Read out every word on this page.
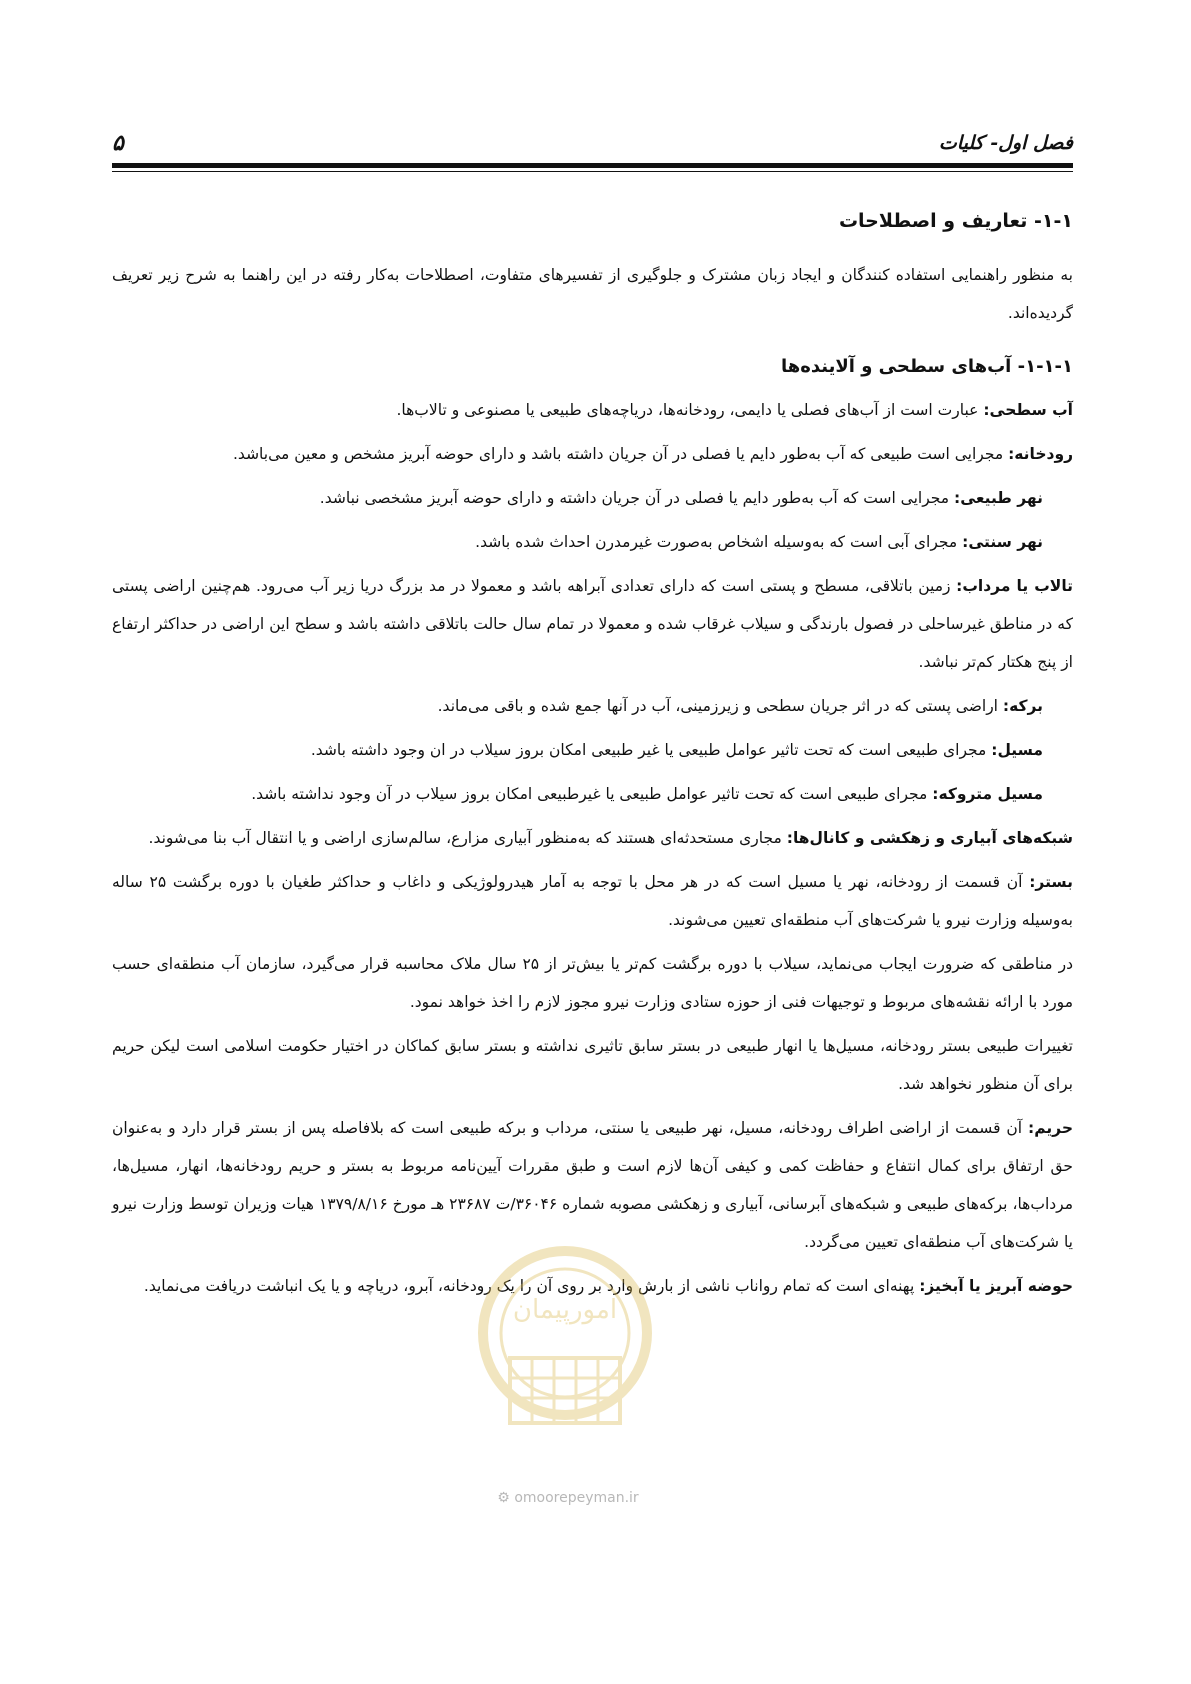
فصل اول- کلیات
۵
۱-۱- تعاریف و اصطلاحات

به منظور راهنمایی استفاده کنندگان و ایجاد زبان مشترک و جلوگیری از تفسیرهای متفاوت، اصطلاحات به‌کار رفته در این راهنما به شرح زیر تعریف گردیده‌اند.

۱-۱-۱- آب‌های سطحی و آلاینده‌ها

آب سطحی: عبارت است از آب‌های فصلی یا دایمی، رودخانه‌ها، دریاچه‌های طبیعی یا مصنوعی و تالاب‌ها.

رودخانه: مجرایی است طبیعی که آب به‌طور دایم یا فصلی در آن جریان داشته باشد و دارای حوضه آبریز مشخص و معین می‌باشد.

نهر طبیعی: مجرایی است که آب به‌طور دایم یا فصلی در آن جریان داشته و دارای حوضه آبریز مشخصی نباشد.

نهر سنتی: مجرای آبی است که به‌وسیله اشخاص به‌صورت غیرمدرن احداث شده باشد.

تالاب یا مرداب: زمین باتلاقی، مسطح و پستی است که دارای تعدادی آبراهه باشد و معمولا در مد بزرگ دریا زیر آب می‌رود. هم‌چنین اراضی پستی که در مناطق غیرساحلی در فصول بارندگی و سیلاب غرقاب شده و معمولا در تمام سال حالت باتلاقی داشته باشد و سطح این اراضی در حداکثر ارتفاع از پنج هکتار کم‌تر نباشد.

برکه: اراضی پستی که در اثر جریان سطحی و زیرزمینی، آب در آنها جمع شده و باقی می‌ماند.

مسیل: مجرای طبیعی است که تحت تاثیر عوامل طبیعی یا غیر طبیعی امکان بروز سیلاب در ان وجود داشته باشد.

مسیل متروکه: مجرای طبیعی است که تحت تاثیر عوامل طبیعی یا غیرطبیعی امکان بروز سیلاب در آن وجود نداشته باشد.

شبکه‌های آبیاری و زهکشی و کانال‌ها: مجاری مستحدثه‌ای هستند که به‌منظور آبیاری مزارع، سالم‌سازی اراضی و یا انتقال آب بنا می‌شوند.

بستر: آن قسمت از رودخانه، نهر یا مسیل است که در هر محل با توجه به آمار هیدرولوژیکی و داغاب و حداکثر طغیان با دوره برگشت ۲۵ ساله به‌وسیله وزارت نیرو یا شرکت‌های آب منطقه‌ای تعیین می‌شوند.

در مناطقی که ضرورت ایجاب می‌نماید، سیلاب با دوره برگشت کم‌تر یا بیش‌تر از ۲۵ سال ملاک محاسبه قرار می‌گیرد، سازمان آب منطقه‌ای حسب مورد با ارائه نقشه‌های مربوط و توجیهات فنی از حوزه ستادی وزارت نیرو مجوز لازم را اخذ خواهد نمود.

تغییرات طبیعی بستر رودخانه، مسیل‌ها یا انهار طبیعی در بستر سابق تاثیری نداشته و بستر سابق کماکان در اختیار حکومت اسلامی است لیکن حریم برای آن منظور نخواهد شد.

حریم: آن قسمت از اراضی اطراف رودخانه، مسیل، نهر طبیعی یا سنتی، مرداب و برکه طبیعی است که بلافاصله پس از بستر قرار دارد و به‌عنوان حق ارتفاق برای کمال انتفاع و حفاظت کمی و کیفی آن‌ها لازم است و طبق مقررات آیین‌نامه مربوط به بستر و حریم رودخانه‌ها، انهار، مسیل‌ها، مرداب‌ها، برکه‌های طبیعی و شبکه‌های آبرسانی، آبیاری و زهکشی مصوبه شماره ۳۶۰۴۶/ت ۲۳۶۸۷ هـ مورخ ۱۳۷۹/۸/۱۶ هیات وزیران توسط وزارت نیرو یا شرکت‌های آب منطقه‌ای تعیین می‌گردد.

حوضه آبریز یا آبخیز: پهنه‌ای است که تمام رواناب ناشی از بارش وارد بر روی آن را یک رودخانه، آبرو، دریاچه و یا یک انباشت دریافت می‌نماید.

امورپیمان
⚙ omoorepeyman.ir
